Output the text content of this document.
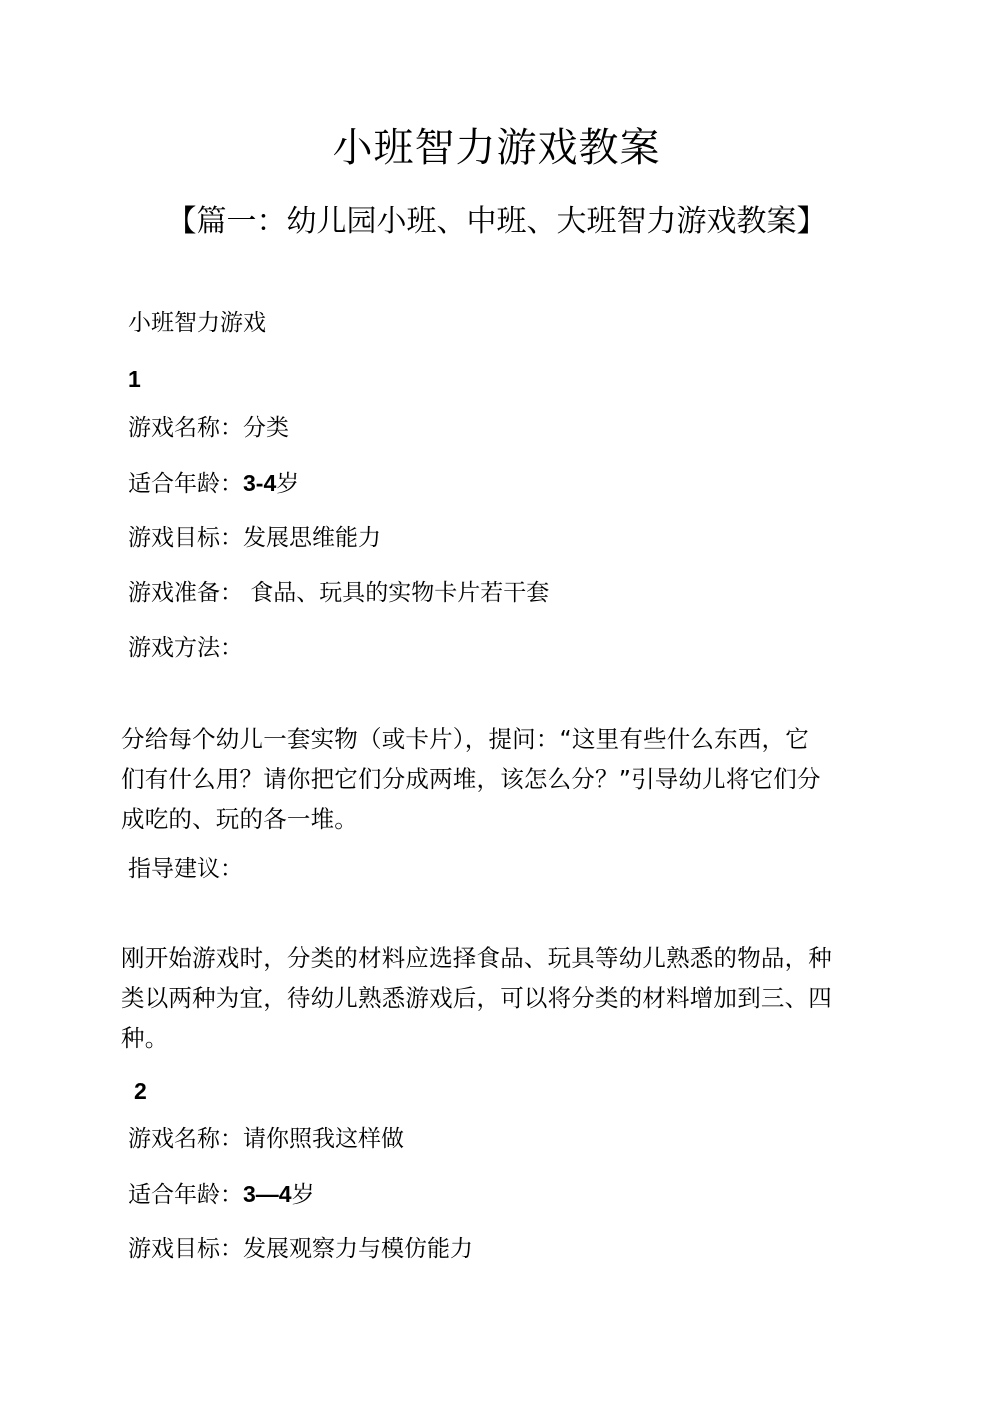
小班智力游戏教案
【篇一：幼儿园小班、中班、大班智力游戏教案】
小班智力游戏
1
游戏名称：分类
适合年龄：3-4岁
游戏目标：发展思维能力
游戏准备： 食品、玩具的实物卡片若干套
游戏方法：
分给每个幼儿一套实物（或卡片），提问：“这里有些什么东西，它
们有什么用？请你把它们分成两堆，该怎么分？”引导幼儿将它们分
成吃的、玩的各一堆。
指导建议：
刚开始游戏时，分类的材料应选择食品、玩具等幼儿熟悉的物品，种
类以两种为宜，待幼儿熟悉游戏后，可以将分类的材料增加到三、四
种。
2
游戏名称：请你照我这样做
适合年龄：3—4岁
游戏目标：发展观察力与模仿能力
